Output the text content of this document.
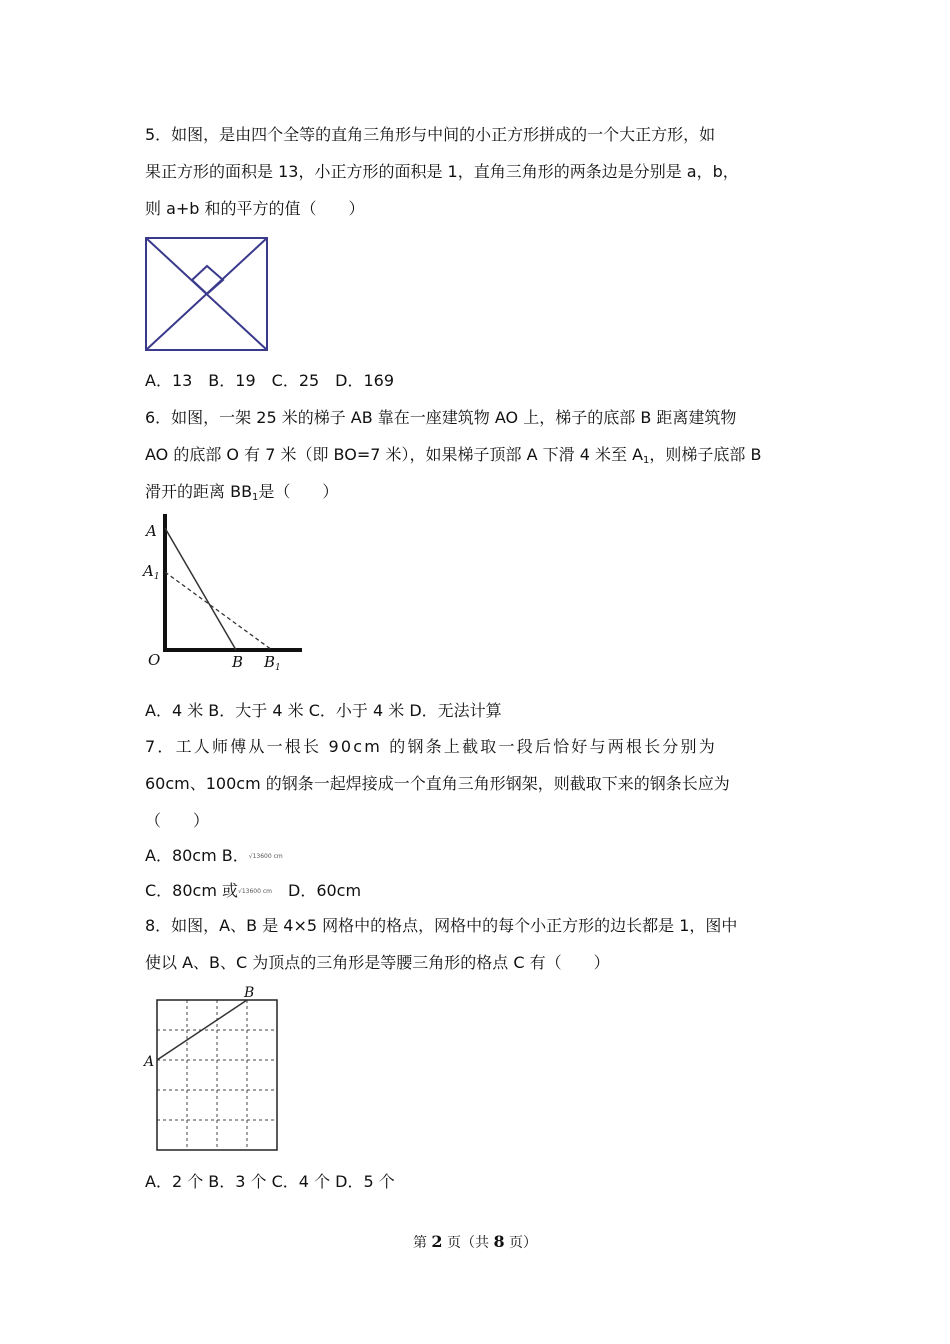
5．如图，是由四个全等的直角三角形与中间的小正方形拼成的一个大正方形，如
果正方形的面积是 13，小正方形的面积是 1，直角三角形的两条边是分别是 a，b，
则 a+b 和的平方的值（　　）
A．13　B．19　C．25　D．169
6．如图，一架 25 米的梯子 AB 靠在一座建筑物 AO 上，梯子的底部 B 距离建筑物
AO 的底部 O 有 7 米（即 BO=7 米），如果梯子顶部 A 下滑 4 米至 $A_1$，则梯子底部 B
滑开的距离 $BB_1$是（　　）
A
$A_1$
O	B $B_1$
A．4 米 B．大于 4 米 C．小于 4 米 D．无法计算
7．工人师傅从一根长 90cm 的钢条上截取一段后恰好与两根长分别为
60cm、100cm 的钢条一起焊接成一个直角三角形钢架，则截取下来的钢条长应为
（　　）
A．80cm B．√13600 cm
C．80cm 或√13600 cm　 D．60cm
8．如图，A、B 是 4×5 网格中的格点，网格中的每个小正方形的边长都是 1，图中
使以 A、B、C 为顶点的三角形是等腰三角形的格点 C 有（　　）
A
B
A．2 个 B．3 个 C．4 个 D．5 个
第 2 页（共 8 页）
